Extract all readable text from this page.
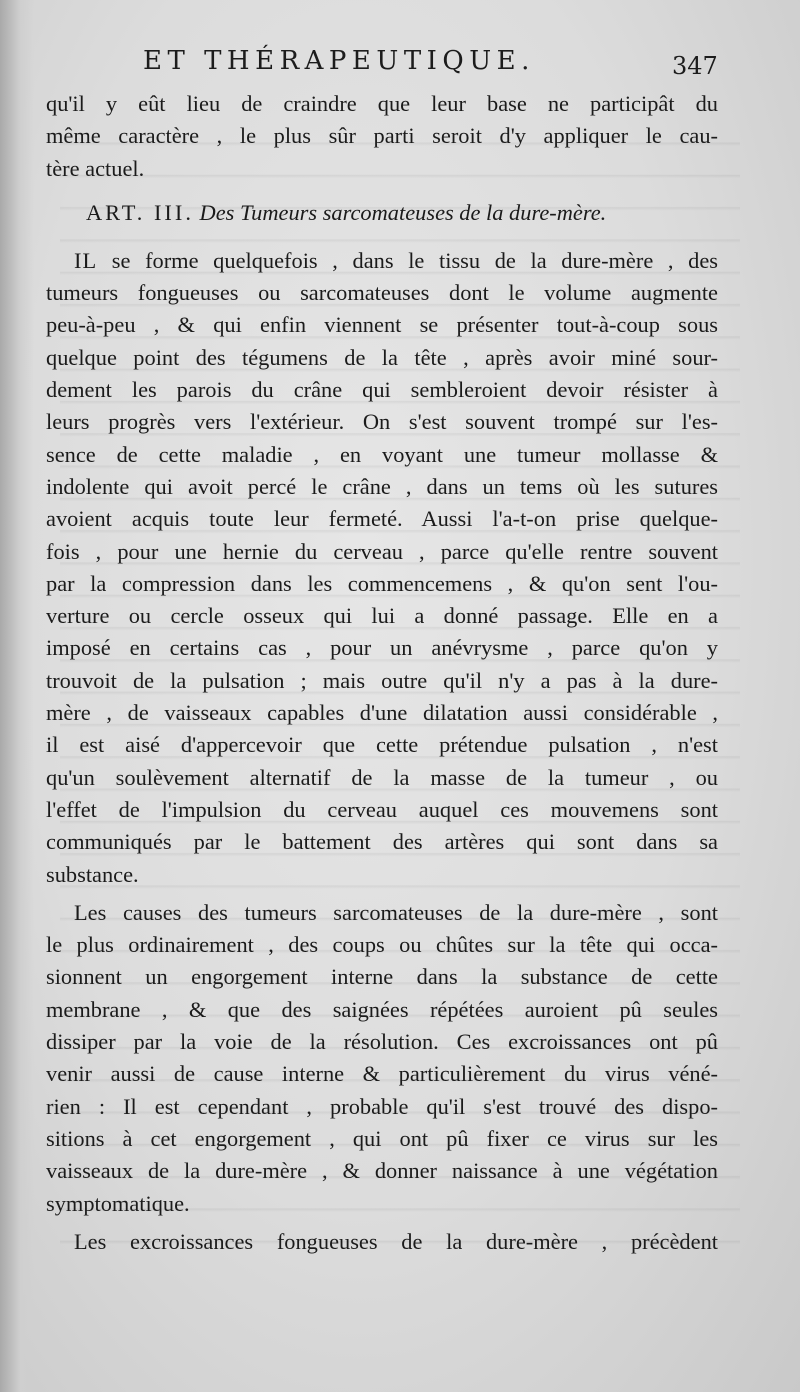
ET THÉRAPEUTIQUE.	347
qu'il y eût lieu de craindre que leur base ne participât du
même caractère , le plus sûr parti seroit d'y appliquer le cau-
tère actuel.
ART. III. Des Tumeurs sarcomateuses de la dure-mère.
IL se forme quelquefois , dans le tissu de la dure-mère , des
tumeurs fongueuses ou sarcomateuses dont le volume augmente
peu-à-peu , & qui enfin viennent se présenter tout-à-coup sous
quelque point des tégumens de la tête , après avoir miné sour-
dement les parois du crâne qui sembleroient devoir résister à
leurs progrès vers l'extérieur. On s'est souvent trompé sur l'es-
sence de cette maladie , en voyant une tumeur mollasse &
indolente qui avoit percé le crâne , dans un tems où les sutures
avoient acquis toute leur fermeté. Aussi l'a-t-on prise quelque-
fois , pour une hernie du cerveau , parce qu'elle rentre souvent
par la compression dans les commencemens , & qu'on sent l'ou-
verture ou cercle osseux qui lui a donné passage. Elle en a
imposé en certains cas , pour un anévrysme , parce qu'on y
trouvoit de la pulsation ; mais outre qu'il n'y a pas à la dure-
mère , de vaisseaux capables d'une dilatation aussi considérable ,
il est aisé d'appercevoir que cette prétendue pulsation , n'est
qu'un soulèvement alternatif de la masse de la tumeur , ou
l'effet de l'impulsion du cerveau auquel ces mouvemens sont
communiqués par le battement des artères qui sont dans sa
substance.
Les causes des tumeurs sarcomateuses de la dure-mère , sont
le plus ordinairement , des coups ou chûtes sur la tête qui occa-
sionnent un engorgement interne dans la substance de cette
membrane , & que des saignées répétées auroient pû seules
dissiper par la voie de la résolution. Ces excroissances ont pû
venir aussi de cause interne & particulièrement du virus véné-
rien : Il est cependant , probable qu'il s'est trouvé des dispo-
sitions à cet engorgement , qui ont pû fixer ce virus sur les
vaisseaux de la dure-mère , & donner naissance à une végétation
symptomatique.
Les excroissances fongueuses de la dure-mère , précèdent
